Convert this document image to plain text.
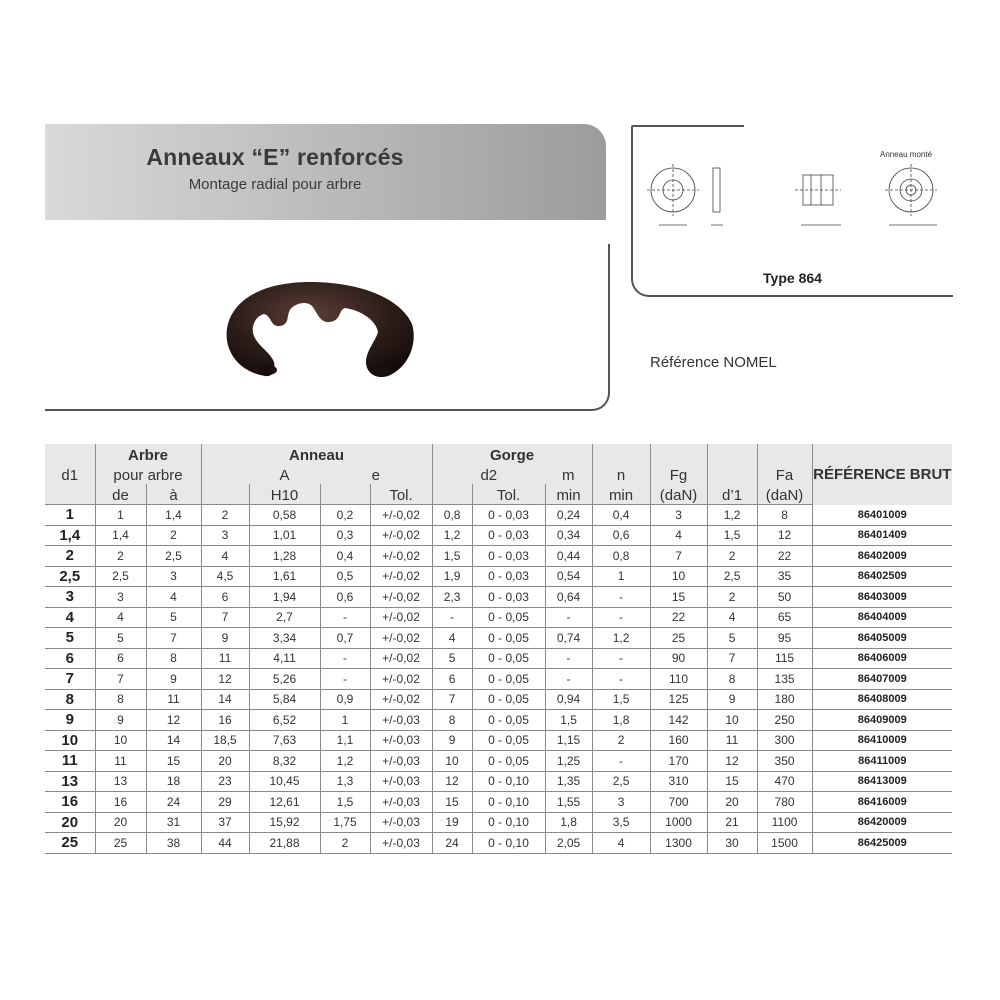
Anneaux “E” renforcés
Montage radial pour arbre
Anneau monté
Type 864
Référence NOMEL
	Arbre		Anneau				Gorge							RÉFÉRENCE BRUT
d1	pour arbre			A	e		d2		m	n	Fg		Fa	
	de	à		H10		Tol.		Tol.	min	min	(daN)	d’1	(daN)	
1	1	1,4	2	0,58	0,2	+/-0,02	0,8	0 - 0,03	0,24	0,4	3	1,2	8	86401009
1,4	1,4	2	3	1,01	0,3	+/-0,02	1,2	0 - 0,03	0,34	0,6	4	1,5	12	86401409
2	2	2,5	4	1,28	0,4	+/-0,02	1,5	0 - 0,03	0,44	0,8	7	2	22	86402009
2,5	2,5	3	4,5	1,61	0,5	+/-0,02	1,9	0 - 0,03	0,54	1	10	2,5	35	86402509
3	3	4	6	1,94	0,6	+/-0,02	2,3	0 - 0,03	0,64	-	15	2	50	86403009
4	4	5	7	2,7	-	+/-0,02	-	0 - 0,05	-	-	22	4	65	86404009
5	5	7	9	3,34	0,7	+/-0,02	4	0 - 0,05	0,74	1,2	25	5	95	86405009
6	6	8	11	4,11	-	+/-0,02	5	0 - 0,05	-	-	90	7	115	86406009
7	7	9	12	5,26	-	+/-0,02	6	0 - 0,05	-	-	110	8	135	86407009
8	8	11	14	5,84	0,9	+/-0,02	7	0 - 0,05	0,94	1,5	125	9	180	86408009
9	9	12	16	6,52	1	+/-0,03	8	0 - 0,05	1,5	1,8	142	10	250	86409009
10	10	14	18,5	7,63	1,1	+/-0,03	9	0 - 0,05	1,15	2	160	11	300	86410009
11	11	15	20	8,32	1,2	+/-0,03	10	0 - 0,05	1,25	-	170	12	350	86411009
13	13	18	23	10,45	1,3	+/-0,03	12	0 - 0,10	1,35	2,5	310	15	470	86413009
16	16	24	29	12,61	1,5	+/-0,03	15	0 - 0,10	1,55	3	700	20	780	86416009
20	20	31	37	15,92	1,75	+/-0,03	19	0 - 0,10	1,8	3,5	1000	21	1100	86420009
25	25	38	44	21,88	2	+/-0,03	24	0 - 0,10	2,05	4	1300	30	1500	86425009
